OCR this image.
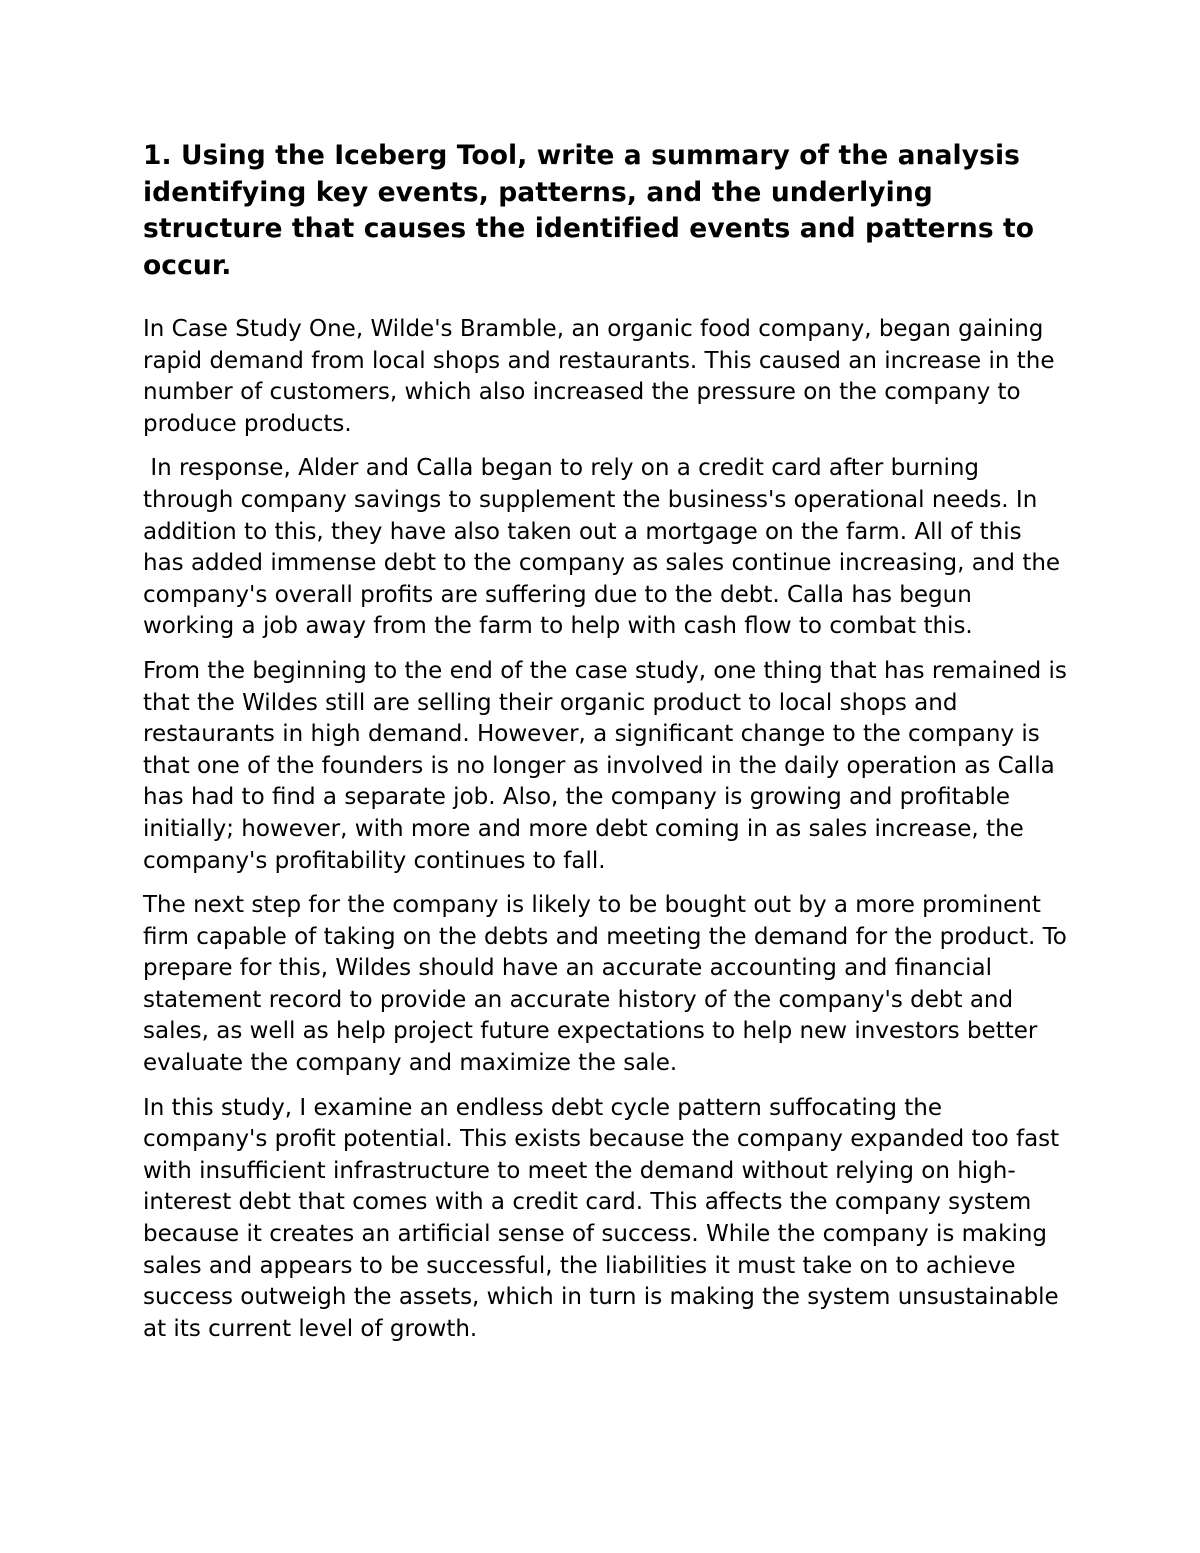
1. Using the Iceberg Tool, write a summary of the analysis identifying key events, patterns, and the underlying structure that causes the identified events and patterns to occur.

In Case Study One, Wilde's Bramble, an organic food company, began gaining rapid demand from local shops and restaurants. This caused an increase in the number of customers, which also increased the pressure on the company to produce products.

In response, Alder and Calla began to rely on a credit card after burning through company savings to supplement the business's operational needs. In addition to this, they have also taken out a mortgage on the farm. All of this has added immense debt to the company as sales continue increasing, and the company's overall profits are suffering due to the debt. Calla has begun working a job away from the farm to help with cash flow to combat this.

From the beginning to the end of the case study, one thing that has remained is that the Wildes still are selling their organic product to local shops and restaurants in high demand. However, a significant change to the company is that one of the founders is no longer as involved in the daily operation as Calla has had to find a separate job. Also, the company is growing and profitable initially; however, with more and more debt coming in as sales increase, the company's profitability continues to fall.

The next step for the company is likely to be bought out by a more prominent firm capable of taking on the debts and meeting the demand for the product. To prepare for this, Wildes should have an accurate accounting and financial statement record to provide an accurate history of the company's debt and sales, as well as help project future expectations to help new investors better evaluate the company and maximize the sale.

In this study, I examine an endless debt cycle pattern suffocating the company's profit potential. This exists because the company expanded too fast with insufficient infrastructure to meet the demand without relying on high-interest debt that comes with a credit card. This affects the company system because it creates an artificial sense of success. While the company is making sales and appears to be successful, the liabilities it must take on to achieve success outweigh the assets, which in turn is making the system unsustainable at its current level of growth.
